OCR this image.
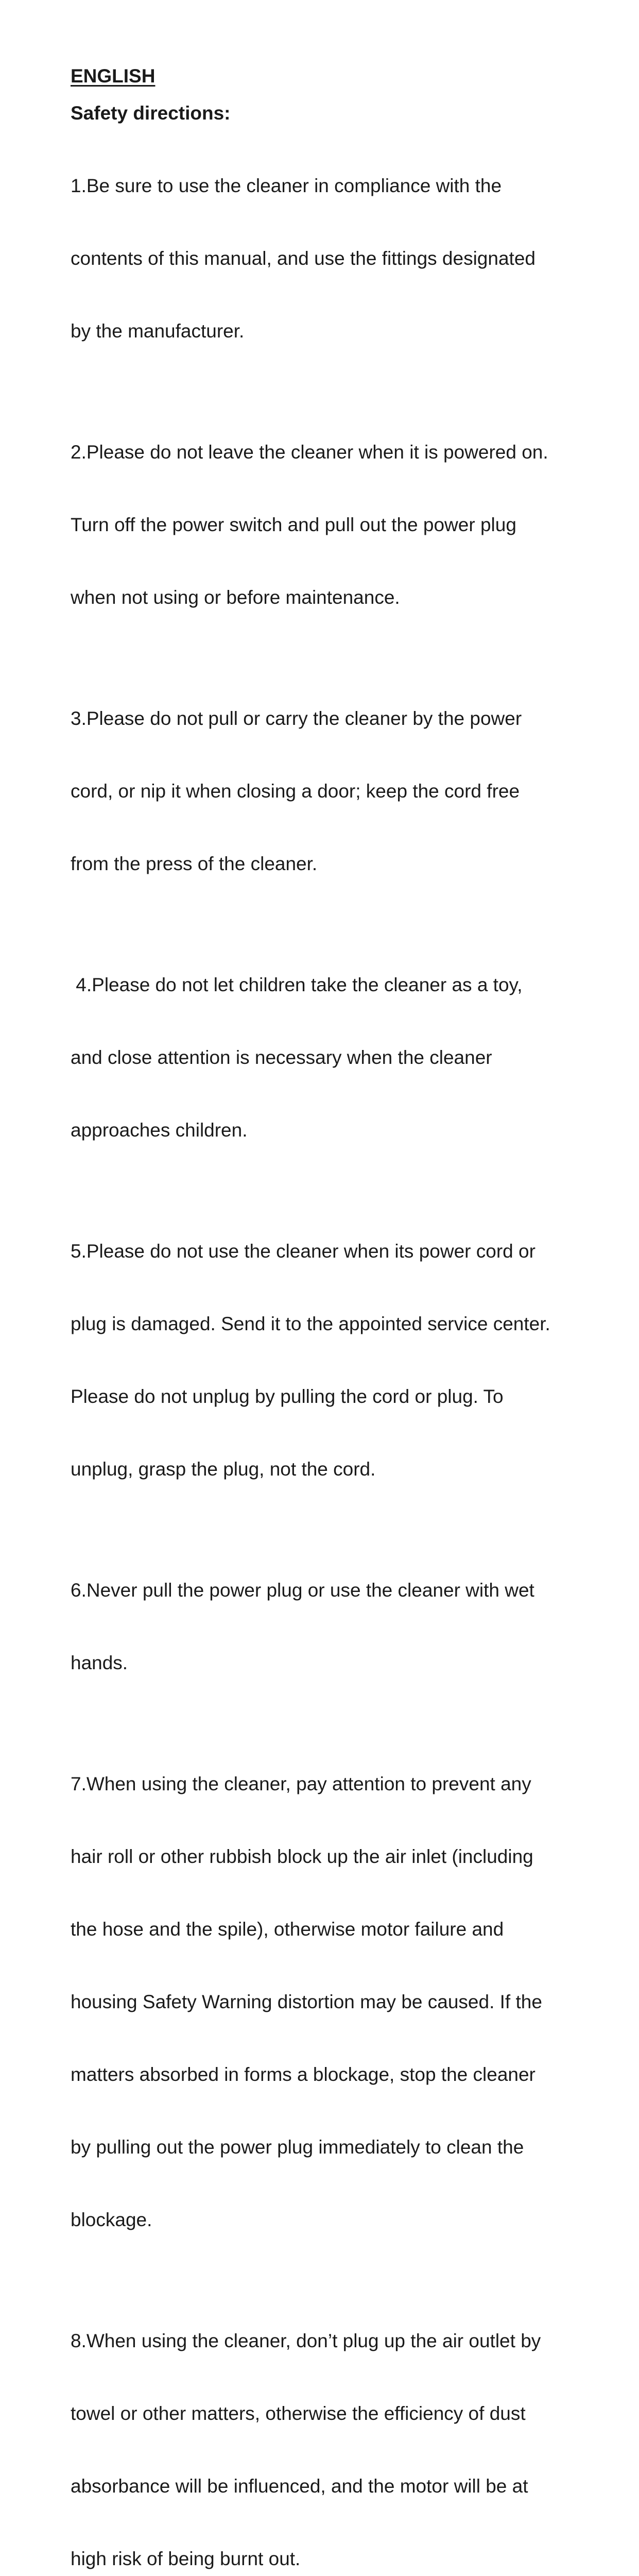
ENGLISH
Safety directions:

1.Be sure to use the cleaner in compliance with the

contents of this manual, and use the fittings designated

by the manufacturer.

2.Please do not leave the cleaner when it is powered on.

Turn off the power switch and pull out the power plug

when not using or before maintenance.

3.Please do not pull or carry the cleaner by the power

cord, or nip it when closing a door; keep the cord free

from the press of the cleaner.

4.Please do not let children take the cleaner as a toy,

and close attention is necessary when the cleaner

approaches children.

5.Please do not use the cleaner when its power cord or

plug is damaged. Send it to the appointed service center.

Please do not unplug by pulling the cord or plug. To

unplug, grasp the plug, not the cord.

6.Never pull the power plug or use the cleaner with wet

hands.

7.When using the cleaner, pay attention to prevent any

hair roll or other rubbish block up the air inlet (including

the hose and the spile), otherwise motor failure and

housing Safety Warning distortion may be caused. If the

matters absorbed in forms a blockage, stop the cleaner

by pulling out the power plug immediately to clean the

blockage.

8.When using the cleaner, don’t plug up the air outlet by

towel or other matters, otherwise the efficiency of dust

absorbance will be influenced, and the motor will be at

high risk of being burnt out.
